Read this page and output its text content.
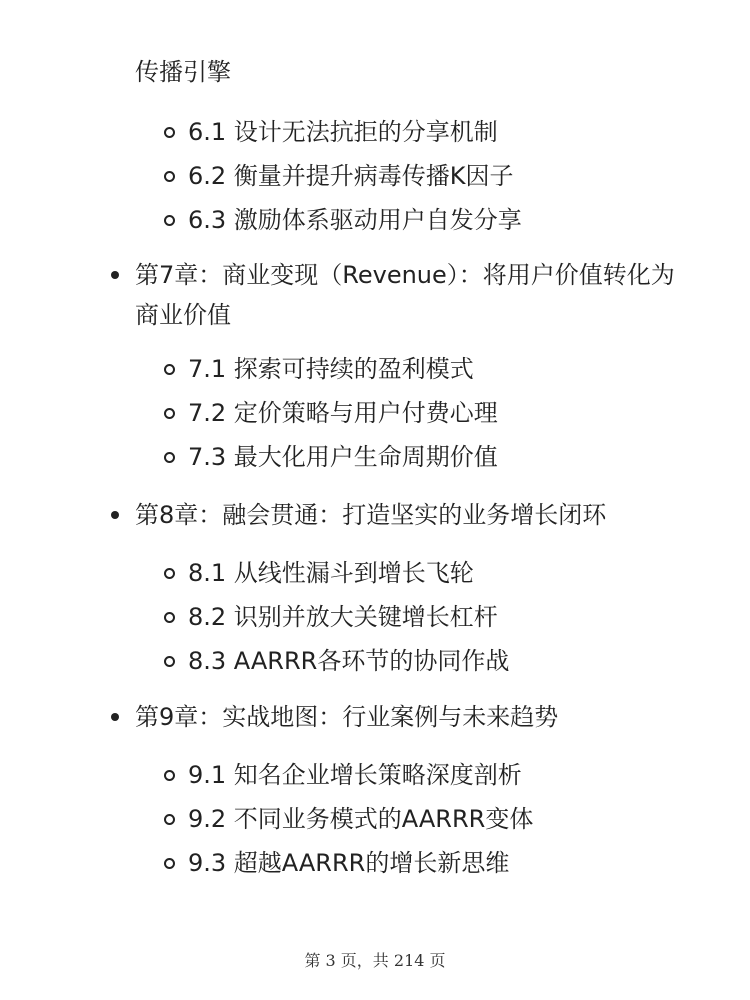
传播引擎
6.1 设计无法抗拒的分享机制
6.2 衡量并提升病毒传播K因子
6.3 激励体系驱动用户自发分享
第7章：商业变现（Revenue）：将用户价值转化为商业价值
7.1 探索可持续的盈利模式
7.2 定价策略与用户付费心理
7.3 最大化用户生命周期价值
第8章：融会贯通：打造坚实的业务增长闭环
8.1 从线性漏斗到增长飞轮
8.2 识别并放大关键增长杠杆
8.3 AARRR各环节的协同作战
第9章：实战地图：行业案例与未来趋势
9.1 知名企业增长策略深度剖析
9.2 不同业务模式的AARRR变体
9.3 超越AARRR的增长新思维
第 3 页，共 214 页
